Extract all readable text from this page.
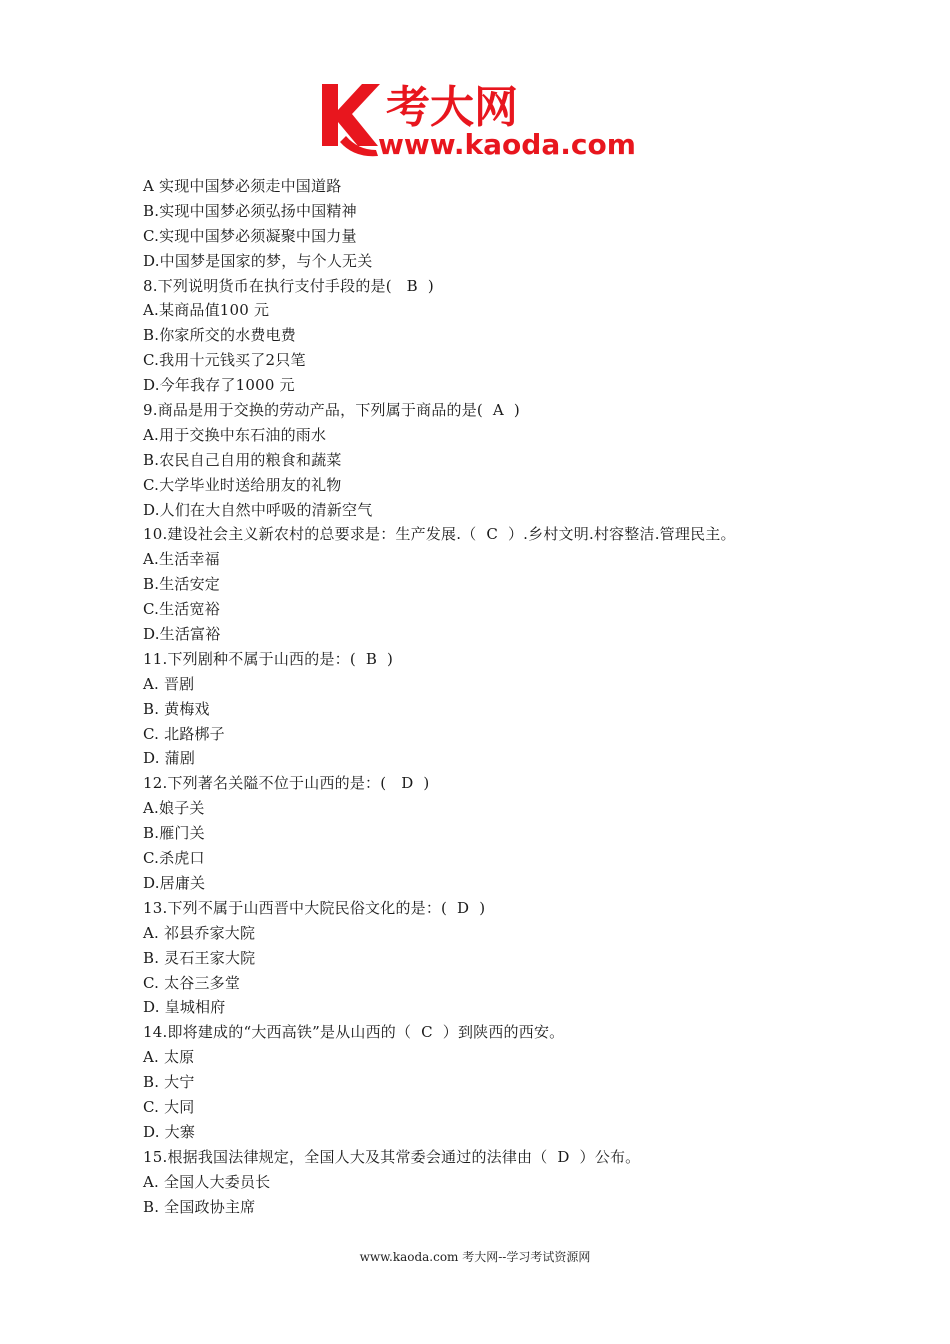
考大网
www.kaoda.com
A 实现中国梦必须走中国道路
B.实现中国梦必须弘扬中国精神
C.实现中国梦必须凝聚中国力量
D.中国梦是国家的梦，与个人无关
8.下列说明货币在执行支付手段的是(   B  )
A.某商品值100 元
B.你家所交的水费电费
C.我用十元钱买了2只笔
D.今年我存了1000 元
9.商品是用于交换的劳动产品，下列属于商品的是(  A  )
A.用于交换中东石油的雨水
B.农民自己自用的粮食和蔬菜
C.大学毕业时送给朋友的礼物
D.人们在大自然中呼吸的清新空气
10.建设社会主义新农村的总要求是：生产发展.（  C  ）.乡村文明.村容整洁.管理民主。
A.生活幸福
B.生活安定
C.生活宽裕
D.生活富裕
11.下列剧种不属于山西的是：(  B  )
A. 晋剧
B. 黄梅戏
C. 北路梆子
D. 蒲剧
12.下列著名关隘不位于山西的是：(   D  )
A.娘子关
B.雁门关
C.杀虎口
D.居庸关
13.下列不属于山西晋中大院民俗文化的是：(  D  )
A. 祁县乔家大院
B. 灵石王家大院
C. 太谷三多堂
D. 皇城相府
14.即将建成的“大西高铁”是从山西的（  C  ）到陕西的西安。
A. 太原
B. 大宁
C. 大同
D. 大寨
15.根据我国法律规定，全国人大及其常委会通过的法律由（  D  ）公布。
A. 全国人大委员长
B. 全国政协主席
www.kaoda.com 考大网--学习考试资源网
